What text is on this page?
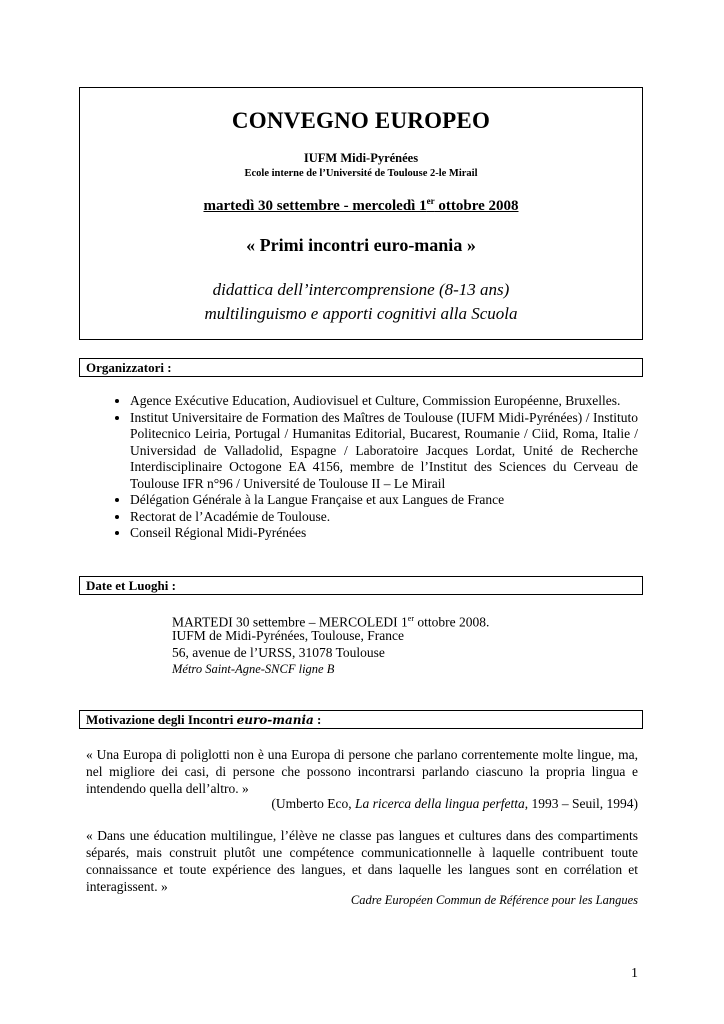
CONVEGNO EUROPEO
IUFM Midi-Pyrénées
Ecole interne de l’Université de Toulouse 2-le Mirail
martedì 30 settembre - mercoledì 1er ottobre 2008
« Primi incontri euro-mania »
didattica dell’intercomprensione (8-13 ans)
multilinguismo e apporti cognitivi alla Scuola
Organizzatori :
• Agence Exécutive Education, Audiovisuel et Culture, Commission Européenne, Bruxelles.
• Institut Universitaire de Formation des Maîtres de Toulouse (IUFM Midi-Pyrénées) / Instituto Politecnico Leiria, Portugal / Humanitas Editorial, Bucarest, Roumanie / Ciid, Roma, Italie / Universidad de Valladolid, Espagne / Laboratoire Jacques Lordat, Unité de Recherche Interdisciplinaire Octogone EA 4156, membre de l’Institut des Sciences du Cerveau de Toulouse IFR n°96 / Université de Toulouse II – Le Mirail
• Délégation Générale à la Langue Française et aux Langues de France
• Rectorat de l’Académie de Toulouse.
• Conseil Régional Midi-Pyrénées
Date et Luoghi :
MARTEDI 30 settembre – MERCOLEDI 1er ottobre 2008.
IUFM de Midi-Pyrénées, Toulouse, France
56, avenue de l’URSS, 31078 Toulouse
Métro Saint-Agne-SNCF ligne B
Motivazione degli Incontri euro-mania :
« Una Europa di poliglotti non è una Europa di persone che parlano correntemente molte lingue, ma, nel migliore dei casi, di persone che possono incontrarsi parlando ciascuno la propria lingua e intendendo quella dell’altro. »
(Umberto Eco, La ricerca della lingua perfetta, 1993 – Seuil, 1994)
« Dans une éducation multilingue, l’élève ne classe pas langues et cultures dans des compartiments séparés, mais construit plutôt une compétence communicationnelle à laquelle contribuent toute connaissance et toute expérience des langues, et dans laquelle les langues sont en corrélation et interagissent. »
Cadre Européen Commun de Référence pour les Langues
1
